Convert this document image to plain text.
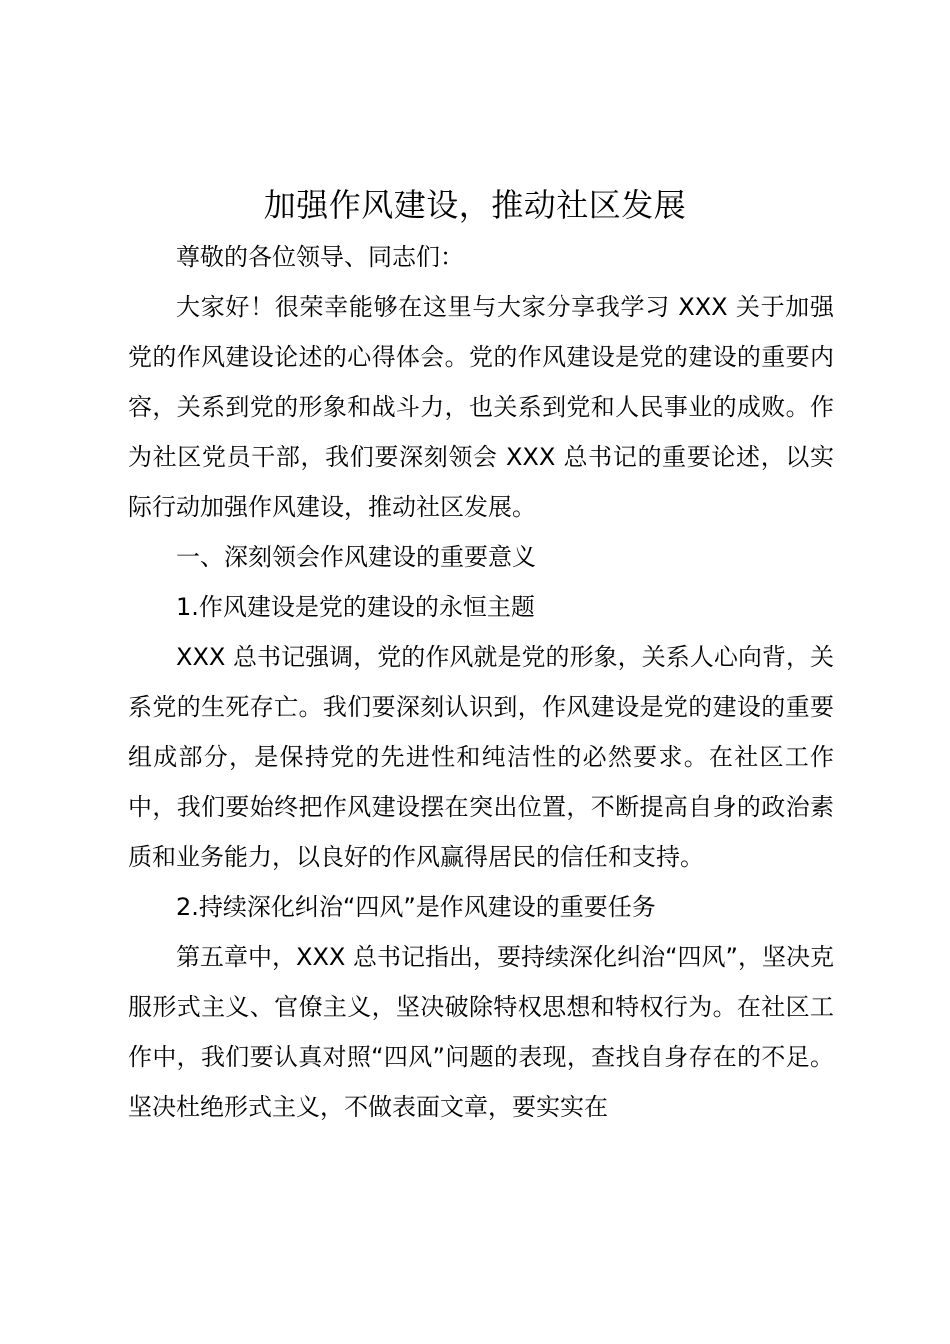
加强作风建设，推动社区发展

尊敬的各位领导、同志们：

大家好！很荣幸能够在这里与大家分享我学习 XXX 关于加强党的作风建设论述的心得体会。党的作风建设是党的建设的重要内容，关系到党的形象和战斗力，也关系到党和人民事业的成败。作为社区党员干部，我们要深刻领会 XXX 总书记的重要论述，以实际行动加强作风建设，推动社区发展。

一、深刻领会作风建设的重要意义

1.作风建设是党的建设的永恒主题

XXX 总书记强调，党的作风就是党的形象，关系人心向背，关系党的生死存亡。我们要深刻认识到，作风建设是党的建设的重要组成部分，是保持党的先进性和纯洁性的必然要求。在社区工作中，我们要始终把作风建设摆在突出位置，不断提高自身的政治素质和业务能力，以良好的作风赢得居民的信任和支持。

2.持续深化纠治“四风”是作风建设的重要任务

第五章中，XXX 总书记指出，要持续深化纠治“四风”，坚决克服形式主义、官僚主义，坚决破除特权思想和特权行为。在社区工作中，我们要认真对照“四风”问题的表现，查找自身存在的不足。坚决杜绝形式主义，不做表面文章，要实实在
